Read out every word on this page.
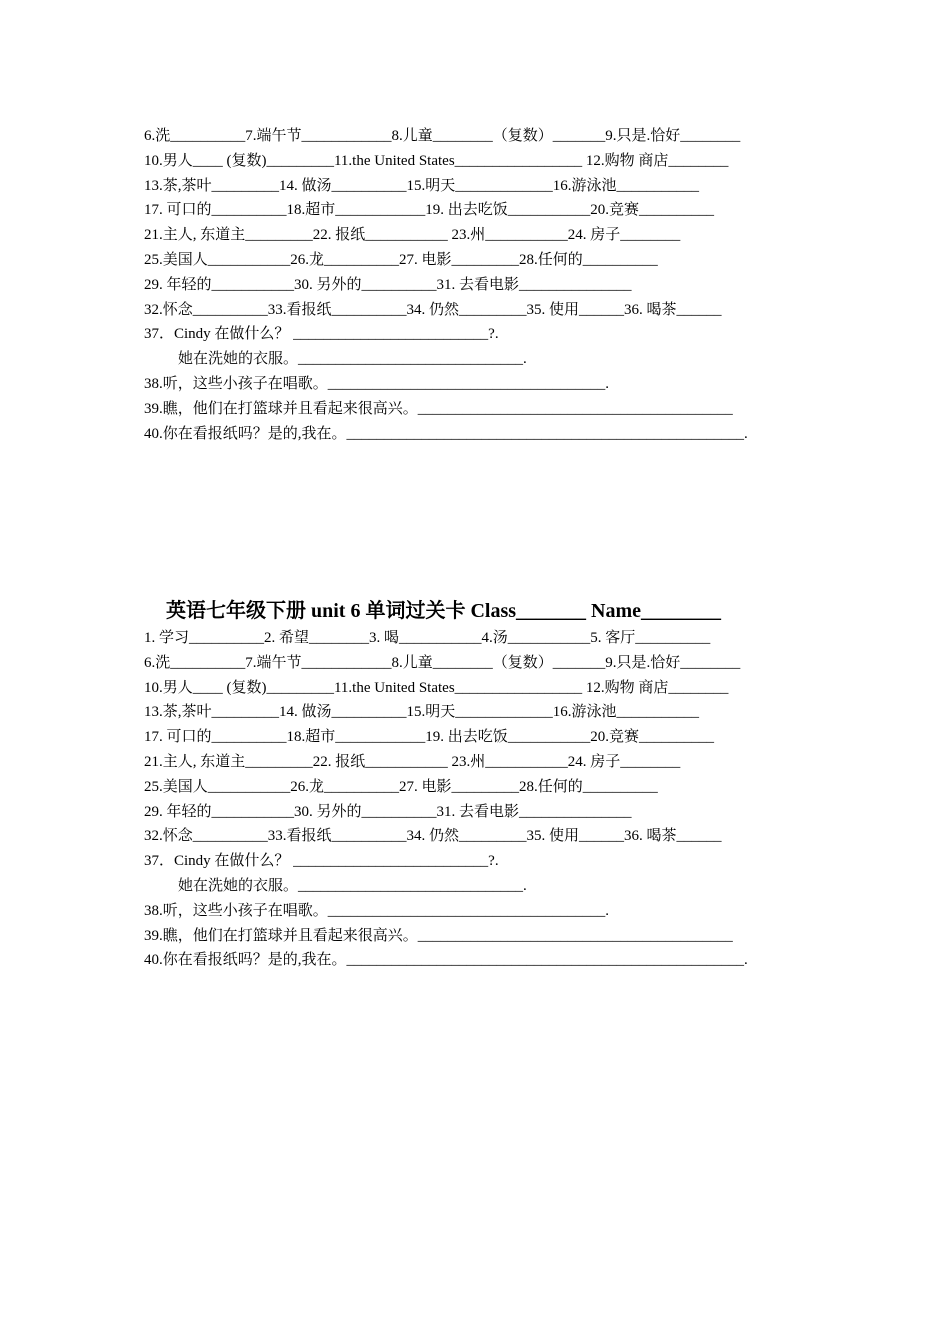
6.洗__________7.端午节____________8.儿童________（复数）_______9.只是.恰好________
10.男人____ (复数)_________11.the United States_________________ 12.购物 商店________
13.茶,茶叶_________14. 做汤__________15.明天_____________16.游泳池___________
17. 可口的__________18.超市____________19. 出去吃饭___________20.竞赛__________
21.主人, 东道主_________22. 报纸___________ 23.州___________24. 房子________
25.美国人___________26.龙__________27. 电影_________28.任何的__________
29. 年轻的___________30. 另外的__________31. 去看电影_______________
32.怀念__________33.看报纸__________34. 仍然_________35. 使用______36. 喝茶______
37．Cindy 在做什么？ __________________________?.
她在洗她的衣服。______________________________.
38.听，这些小孩子在唱歌。_____________________________________.
39.瞧，他们在打篮球并且看起来很高兴。__________________________________________
40.你在看报纸吗？是的,我在。_____________________________________________________.
英语七年级下册 unit 6 单词过关卡 Class_______ Name________
1. 学习__________2. 希望________3. 喝___________4.汤___________5. 客厅__________
6.洗__________7.端午节____________8.儿童________（复数）_______9.只是.恰好________
10.男人____ (复数)_________11.the United States_________________ 12.购物 商店________
13.茶,茶叶_________14. 做汤__________15.明天_____________16.游泳池___________
17. 可口的__________18.超市____________19. 出去吃饭___________20.竞赛__________
21.主人, 东道主_________22. 报纸___________ 23.州___________24. 房子________
25.美国人___________26.龙__________27. 电影_________28.任何的__________
29. 年轻的___________30. 另外的__________31. 去看电影_______________
32.怀念__________33.看报纸__________34. 仍然_________35. 使用______36. 喝茶______
37．Cindy 在做什么？ __________________________?.
她在洗她的衣服。______________________________.
38.听，这些小孩子在唱歌。_____________________________________.
39.瞧，他们在打篮球并且看起来很高兴。__________________________________________
40.你在看报纸吗？是的,我在。_____________________________________________________.
